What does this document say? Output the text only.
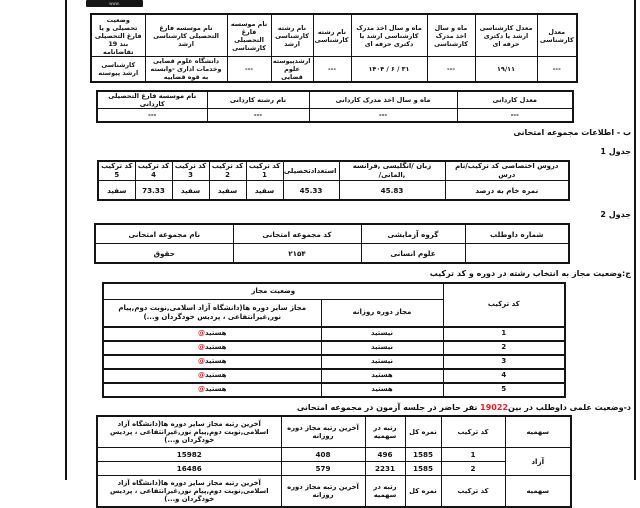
www.
معدل کارشناسی	معدل کارشناسی ارشد یا دکتری حرفه ای	ماه و سال اخذ مدرک کارشناسی	ماه و سال اخذ مدرک کارشناسی ارشد یا دکتری حرفه ای	نام رشته کارشناسی	نام رشته کارشناسی ارشد	نام موسسه فارغ التحصیلی کارشناسی	نام موسسه فارغ التحصیلی کارشناسی ارشد	وضعیت تحصیلی و یا فارغ التحصیلی بند 19 تقاضانامه
---	۱۹/۱۱	---	۳۱ / ۶ / ۱۴۰۴	---	ارشدپیوسته علوم قضایی	---	دانشگاه علوم قضایی وخدمات اداری -وابسته به قوه قضاییه	کارشناسی ارشد پیوسته
معدل کاردانی	ماه و سال اخذ مدرک کاردانی	نام رشته کاردانی	نام موسسه فارغ التحصیلی کاردانی
---	---	---	---
ب - اطلاعات مجموعه امتحانی
جدول 1
دروس اختصاصی کد ترکیب/نام درس	زبان /انگلیسی ,فرانسه ,المانی/	استعدادتحصیلی	کد ترکیب 1	کد ترکیب 2	کد ترکیب 3	کد ترکیب 4	کد ترکیب 5
نمره خام به درصد	45.83	45.33	سفید	سفید	سفید	73.33	سفید
جدول 2
شماره داوطلب	گروه آزمایشی	کد مجموعه امتحانی	نام مجموعه امتحانی
	علوم انسانی	۲۱۵۴	حقوق
ج:وضعیت مجاز به انتخاب رشته در دوره و کد ترکیب
کد ترکیب	وضعیت مجاز	
	مجاز دوره روزانه	مجاز سایر دوره ها(دانشگاه آزاد اسلامی,نوبت دوم,پیام نور,غیرانتفاعی ، پردیس خودگردان و...)
1	نیستید	هستید@
2	نیستید	هستید@
3	نیستید	هستید@
4	هستید	هستید@
5	هستید	هستید@
د-وضعیت علمی داوطلب در بین19022 نفر حاضر در جلسه آزمون در مجموعه امتحانی
سهمیه	کد ترکیب	نمره کل	رتبه در سهمیه	آخرین رتبه مجاز دوره روزانه	آخرین رتبه مجاز سایر دوره ها(دانشگاه آزاد اسلامی,نوبت دوم,پیام نور,غیرانتفاعی ، پردیس خودگردان و...)
آزاد	1	1585	496	408	15982
	2	1585	2231	579	16486
سهمیه	کد ترکیب	نمره کل	رتبه در سهمیه	آخرین رتبه مجاز دوره روزانه	آخرین رتبه مجاز سایر دوره ها(دانشگاه آزاد اسلامی,نوبت دوم,پیام نور,غیرانتفاعی ، پردیس خودگردان و...)
